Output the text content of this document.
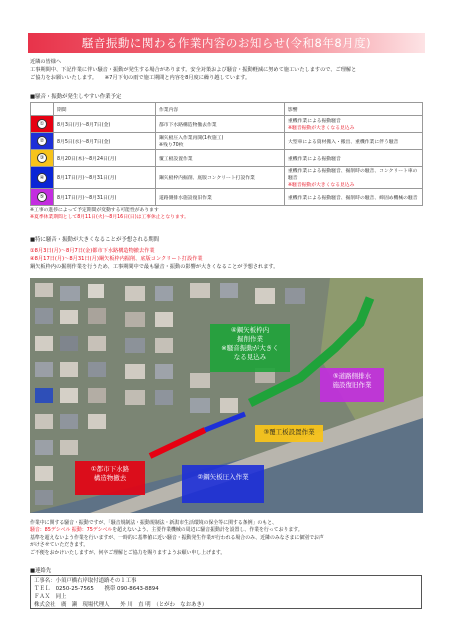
騒音振動に関わる作業内容のお知らせ(令和8年8月度)

近隣の皆様へ

工事期間中、下記作業に伴い騒音・振動が発生する場合があります。安全対策および騒音・振動軽減に努めて施工いたしますので、ご理解と

ご協力をお願いいたします。　　※7月下旬の雨で施工期間と内容を8月度に繰り越しています。

■騒音・振動が発生しやすい作業予定
	期間	作業内容	影響
①	8月3日(月)～8月7日(金)	都市下水路構造物撤去作業	重機作業による振動騒音
※騒音振動が大きくなる見込み

②	8月5日(水)～8月7日(金)	鋼矢板圧入作業再開(1枚施工)
※残り70枚	大型車による資材搬入・搬出、重機作業に伴う騒音

③	8月20日(木)～8月24日(月)	覆工板設置作業	重機作業による振動騒音

④	8月17日(月)～8月31日(月)	鋼矢板枠内掘削、底版コンクリート打設作業	重機作業による振動騒音、掘削時の騒音、コンクリート車の騒音
※騒音振動が大きくなる見込み

⑤	8月17日(月)～8月31日(月)	道路側排水施設復旧作業	重機作業による振動騒音、掘削時の騒音、締固め機械の騒音
※工事の進捗によって予定期間が変動する可能性があります
※夏季休業期間として8月11日(火)～8月16日(日)は工事休止となります。
■特に騒音・振動が大きくなることが予想される期間
①8月3日(月)～8月7日(金)都市下水路構造物撤去作業
④8月17日(月)～8月31日(月)鋼矢板枠内掘削、底版コンクリート打設作業
鋼矢板枠内の掘削作業を行うため、工事期間中で最も騒音・振動の影響が大きくなることが予想されます。
④鋼矢板枠内
掘削作業
※騒音振動が大きく
なる見込み
⑤道路側排水
施設復旧作業
③覆工板設置作業
①都市下水路
構造物撤去	②鋼矢板圧入作業

作業中に関する騒音・振動ですが、「騒音規制法・振動規制法・新潟市生活環境の保全等に関する条例」のもと、

騒音：85デシベル 振動：75デシベルを超えないよう、主要作業機械の周辺に騒音振動計を設置し、作業を行っております。

基準を超えないよう作業を行いますが、一時的に基準値に近い騒音・振動発生作業が行われる場合のみ、近隣のみなさまに個別でお声

がけさせていただきます。

ご不便をおかけいたしますが、何卒ご理解とご協力を賜りますようお願い申し上げます。

■連絡先

工事名：小須戸橋右岸取付道路その１工事

ＴＥＬ　0250-25-7565　　携帯 090-8643-8894

ＦＡＸ　同上

株式会社　廣　瀬　現場代理人　　外 川　直 明　（とがわ　なおあき）
